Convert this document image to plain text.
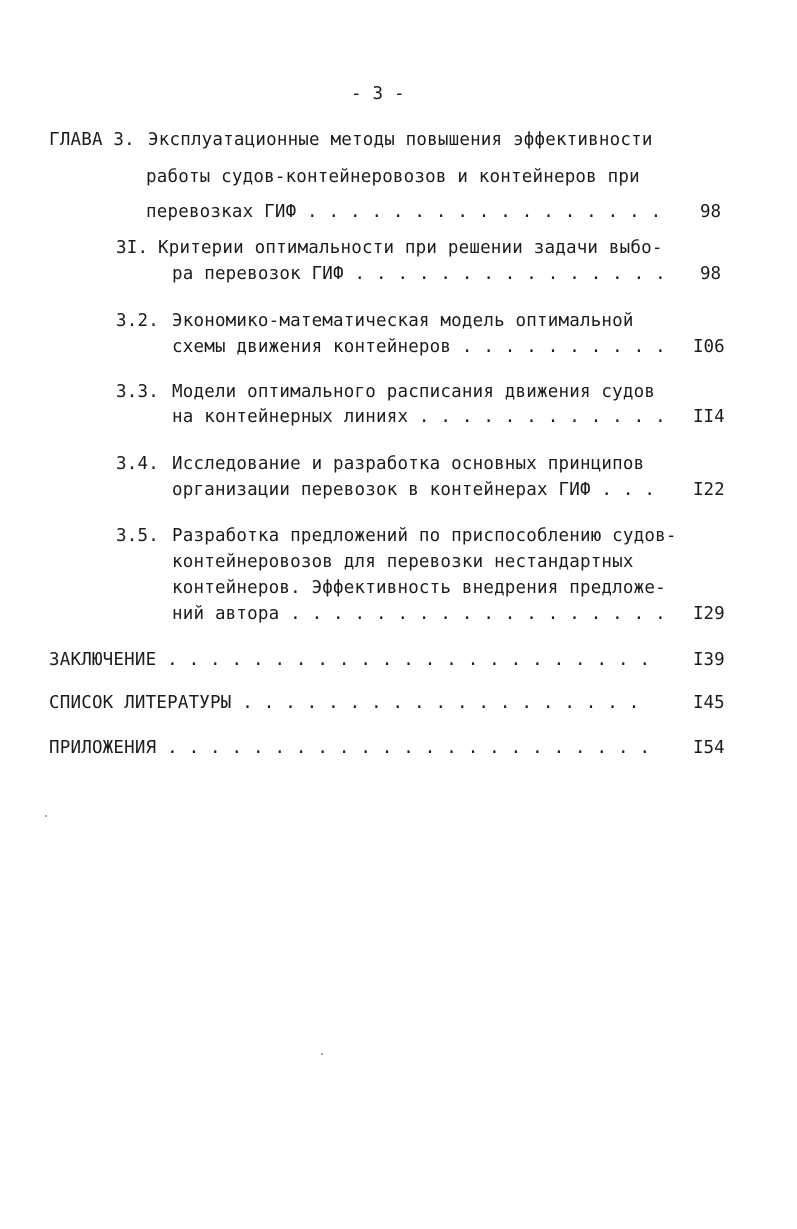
- 3 -
ГЛАВА 3. Эксплуатационные методы повышения эффективности
работы судов-контейнеровозов и контейнеров при
перевозках ГИФ . . . . . . . . . . . . . . . . . 98
3I. Критерии оптимальности при решении задачи выбо-
ра перевозок ГИФ . . . . . . . . . . . . . . . 98
3.2. Экономико-математическая модель оптимальной
схемы движения контейнеров . . . . . . . . . . I06
3.3. Модели оптимального расписания движения судов
на контейнерных линиях . . . . . . . . . . . . II4
3.4. Исследование и разработка основных принципов
организации перевозок в контейнерах ГИФ . . . I22
3.5. Разработка предложений по приспособлению судов-
контейнеровозов для перевозки нестандартных
контейнеров. Эффективность внедрения предложе-
ний автора . . . . . . . . . . . . . . . . . . I29
ЗАКЛЮЧЕНИЕ . . . . . . . . . . . . . . . . . . . . . . . I39
СПИСОК ЛИТЕРАТУРЫ . . . . . . . . . . . . . . . . . . .	I45
ПРИЛОЖЕНИЯ . . . . . . . . . . . . . . . . . . . . . . . I54
